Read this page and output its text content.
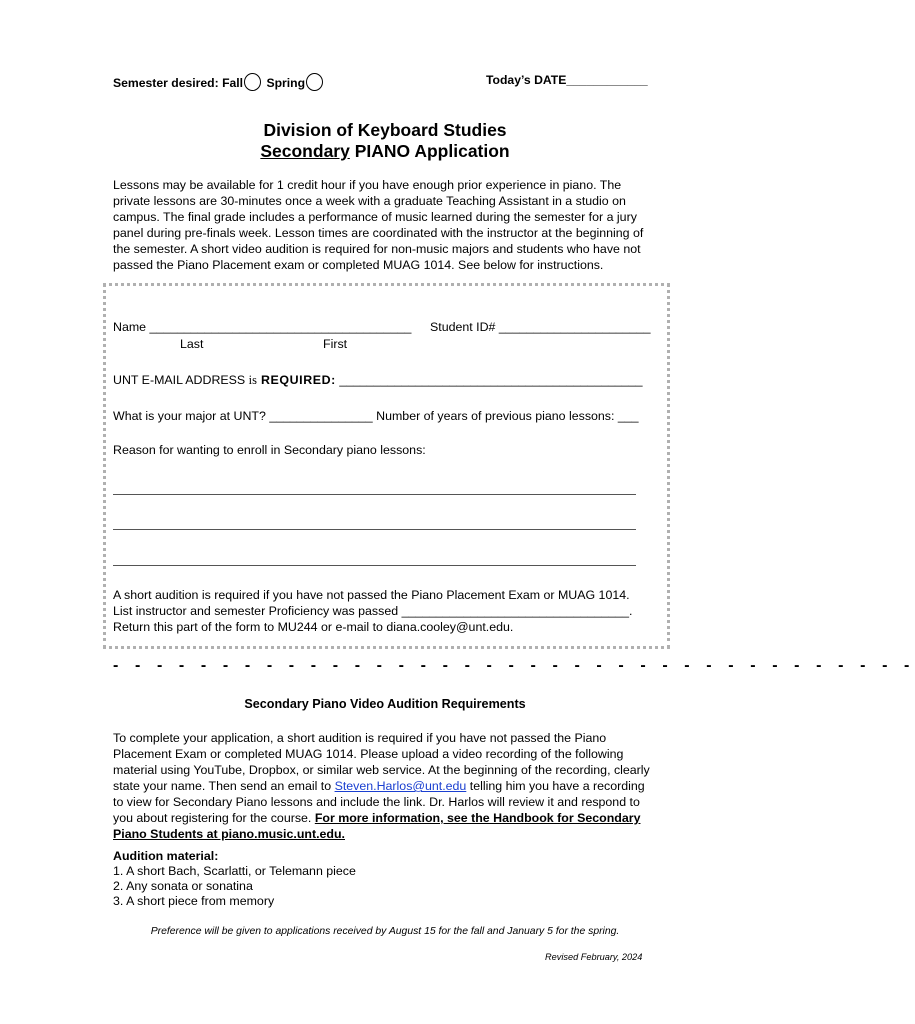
Semester desired: Fall Spring	Today’s DATE____________
Division of Keyboard Studies
Secondary PIANO Application
Lessons may be available for 1 credit hour if you have enough prior experience in piano. The private lessons are 30-minutes once a week with a graduate Teaching Assistant in a studio on campus. The final grade includes a performance of music learned during the semester for a jury panel during pre-finals week. Lesson times are coordinated with the instructor at the beginning of the semester. A short video audition is required for non-music majors and students who have not passed the Piano Placement exam or completed MUAG 1014. See below for instructions.
Name ______________________________________ Student ID# ______________________
Last	First
UNT E-MAIL ADDRESS is REQUIRED: ____________________________________________
What is your major at UNT? _______________ Number of years of previous piano lessons: ___
Reason for wanting to enroll in Secondary piano lessons:
A short audition is required if you have not passed the Piano Placement Exam or MUAG 1014.
List instructor and semester Proficiency was passed _________________________________.
Return this part of the form to MU244 or e-mail to diana.cooley@unt.edu.
- - - - - - - - - - - - - - - - - - - - - - - - - - - - - - - - - - - - -
Secondary Piano Video Audition Requirements
To complete your application, a short audition is required if you have not passed the Piano Placement Exam or completed MUAG 1014. Please upload a video recording of the following material using YouTube, Dropbox, or similar web service. At the beginning of the recording, clearly state your name. Then send an email to Steven.Harlos@unt.edu telling him you have a recording to view for Secondary Piano lessons and include the link. Dr. Harlos will review it and respond to you about registering for the course. For more information, see the Handbook for Secondary Piano Students at piano.music.unt.edu.
Audition material:
1. A short Bach, Scarlatti, or Telemann piece
2. Any sonata or sonatina
3. A short piece from memory
Preference will be given to applications received by August 15 for the fall and January 5 for the spring.
Revised February, 2024
